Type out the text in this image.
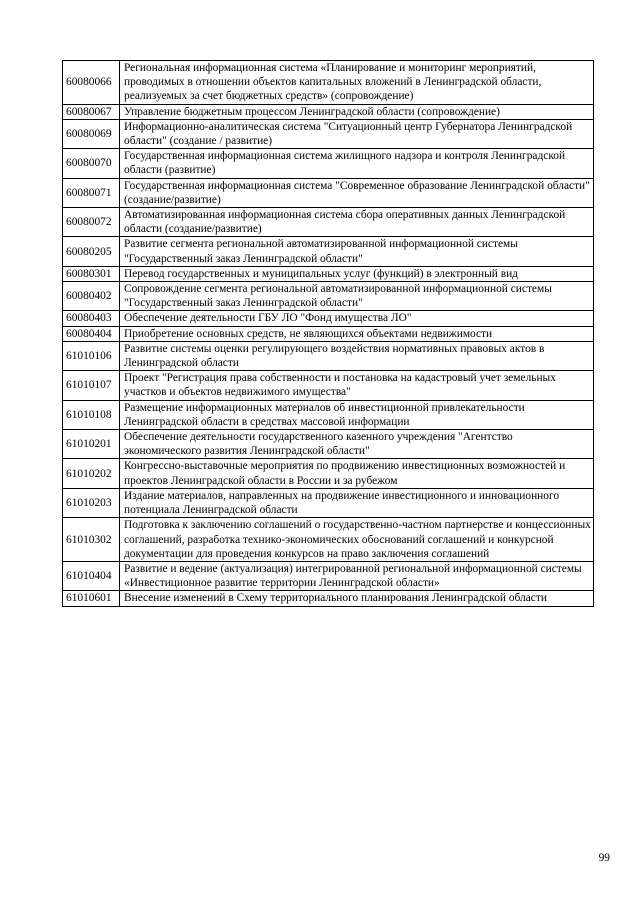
60080066	Региональная информационная система «Планирование и мониторинг мероприятий, проводимых в отношении объектов капитальных вложений в Ленинградской области, реализуемых за счет бюджетных средств» (сопровождение)
60080067	Управление бюджетным процессом Ленинградской области (сопровождение)
60080069	Информационно-аналитическая система "Ситуационный центр Губернатора Ленинградской области" (создание / развитие)
60080070	Государственная информационная система жилищного надзора и контроля Ленинградской области (развитие)
60080071	Государственная информационная система "Современное образование Ленинградской области" (создание/развитие)
60080072	Автоматизированная информационная система сбора оперативных данных Ленинградской области (создание/развитие)
60080205	Развитие сегмента региональной автоматизированной информационной системы "Государственный заказ Ленинградской области"
60080301	Перевод государственных и муниципальных услуг (функций) в электронный вид
60080402	Сопровождение сегмента региональной автоматизированной информационной системы "Государственный заказ Ленинградской области"
60080403	Обеспечение деятельности ГБУ ЛО "Фонд имущества ЛО"
60080404	Приобретение основных средств, не являющихся объектами недвижимости
61010106	Развитие системы оценки регулирующего воздействия нормативных правовых актов в Ленинградской области
61010107	Проект "Регистрация права собственности и постановка на кадастровый учет земельных участков и объектов недвижимого имущества"
61010108	Размещение информационных материалов об инвестиционной привлекательности Ленинградской области в средствах массовой информации
61010201	Обеспечение деятельности государственного казенного учреждения "Агентство экономического развития Ленинградской области"
61010202	Конгрессно-выставочные мероприятия по продвижению инвестиционных возможностей и проектов Ленинградской области в России и за рубежом
61010203	Издание материалов, направленных на продвижение инвестиционного и инновационного потенциала Ленинградской области
61010302	Подготовка к заключению соглашений о государственно-частном партнерстве и концессионных соглашений, разработка технико-экономических обоснований соглашений и конкурсной документации для проведения конкурсов на право заключения соглашений
61010404	Развитие и ведение (актуализация) интегрированной региональной информационной системы «Инвестиционное развитие территории Ленинградской области»
61010601	Внесение изменений в Схему территориального планирования Ленинградской области
99
